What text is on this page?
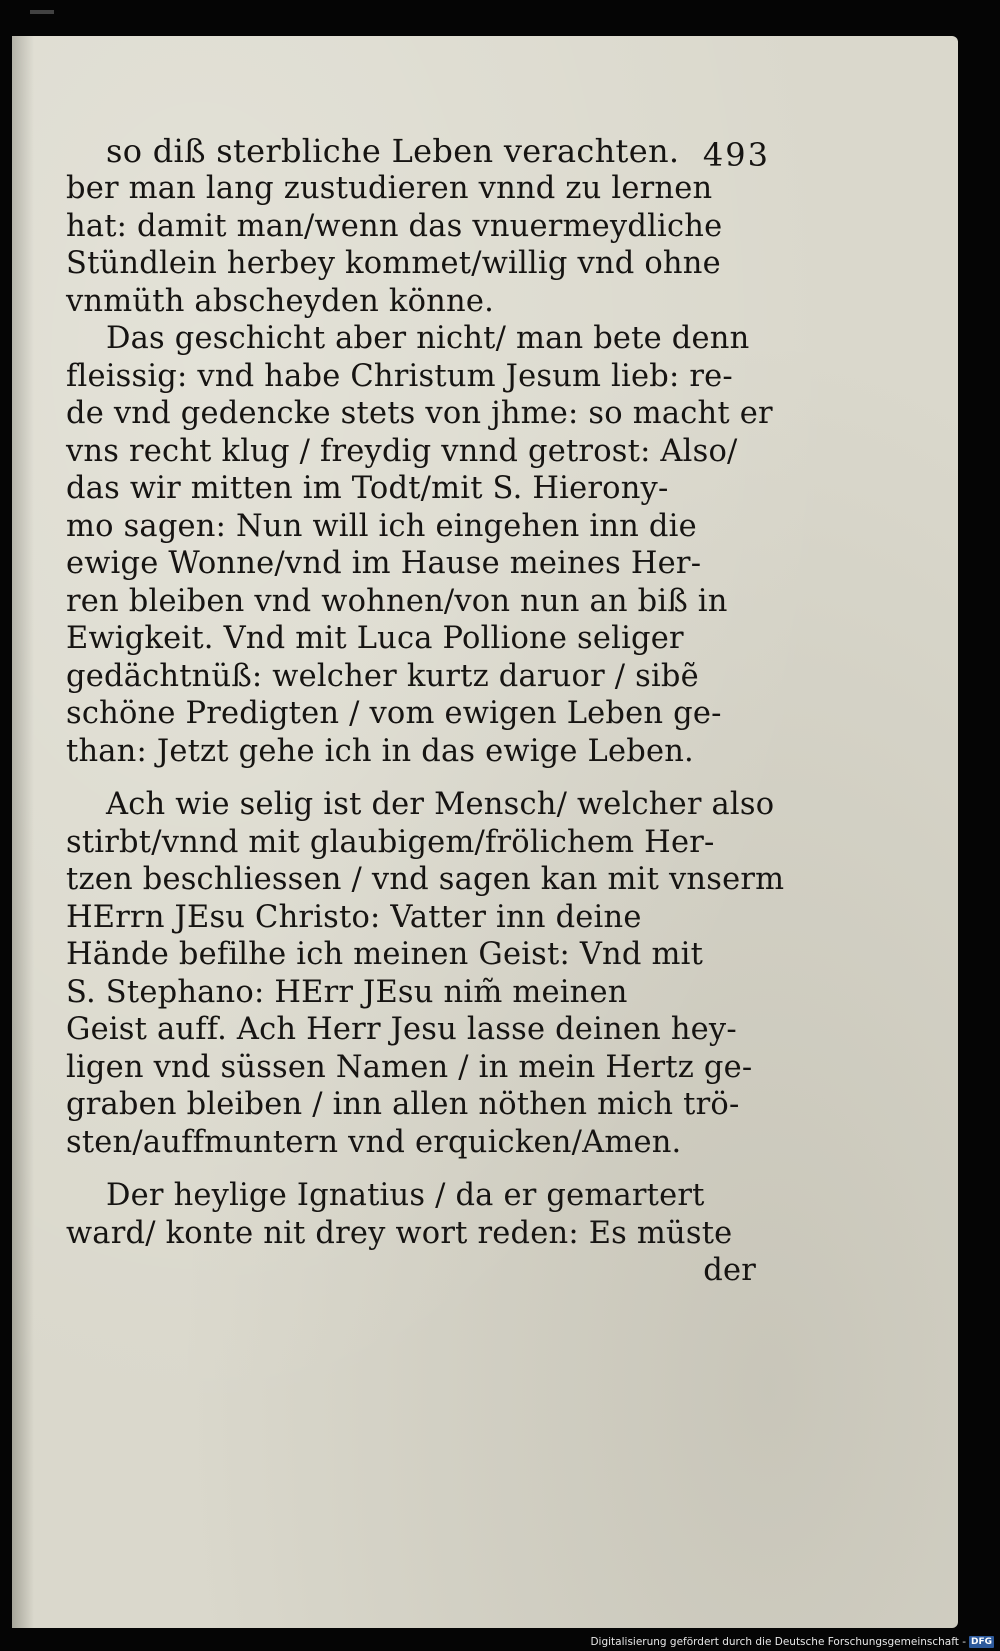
so diß sterbliche Leben verachten. 493
ber man lang zustudieren vnnd zu lernen
hat: damit man/wenn das vnuermeydliche
Stündlein herbey kommet/willig vnd ohne
vnmüth abscheyden könne.
Das geschicht aber nicht/ man bete denn
fleissig: vnd habe Christum Jesum lieb: re-
de vnd gedencke stets von jhme: so macht er
vns recht klug / freydig vnnd getrost: Also/
das wir mitten im Todt/mit S. Hierony-
mo sagen: Nun will ich eingehen inn die
ewige Wonne/vnd im Hause meines Her-
ren bleiben vnd wohnen/von nun an biß in
Ewigkeit. Vnd mit Luca Pollione seliger
gedächtnüß: welcher kurtz daruor / sibẽ
schöne Predigten / vom ewigen Leben ge-
than: Jetzt gehe ich in das ewige Leben.
Ach wie selig ist der Mensch/ welcher also
stirbt/vnnd mit glaubigem/frölichem Her-
tzen beschliessen / vnd sagen kan mit vnserm
HErrn JEsu Christo: Vatter inn deine
Hände befilhe ich meinen Geist: Vnd mit
S. Stephano: HErr JEsu nim̃ meinen
Geist auff. Ach Herr Jesu lasse deinen hey-
ligen vnd süssen Namen / in mein Hertz ge-
graben bleiben / inn allen nöthen mich trö-
sten/auffmuntern vnd erquicken/Amen.
Der heylige Ignatius / da er gemartert
ward/ konte nit drey wort reden: Es müste
der
Digitalisierung gefördert durch die Deutsche Forschungsgemeinschaft - DFG
